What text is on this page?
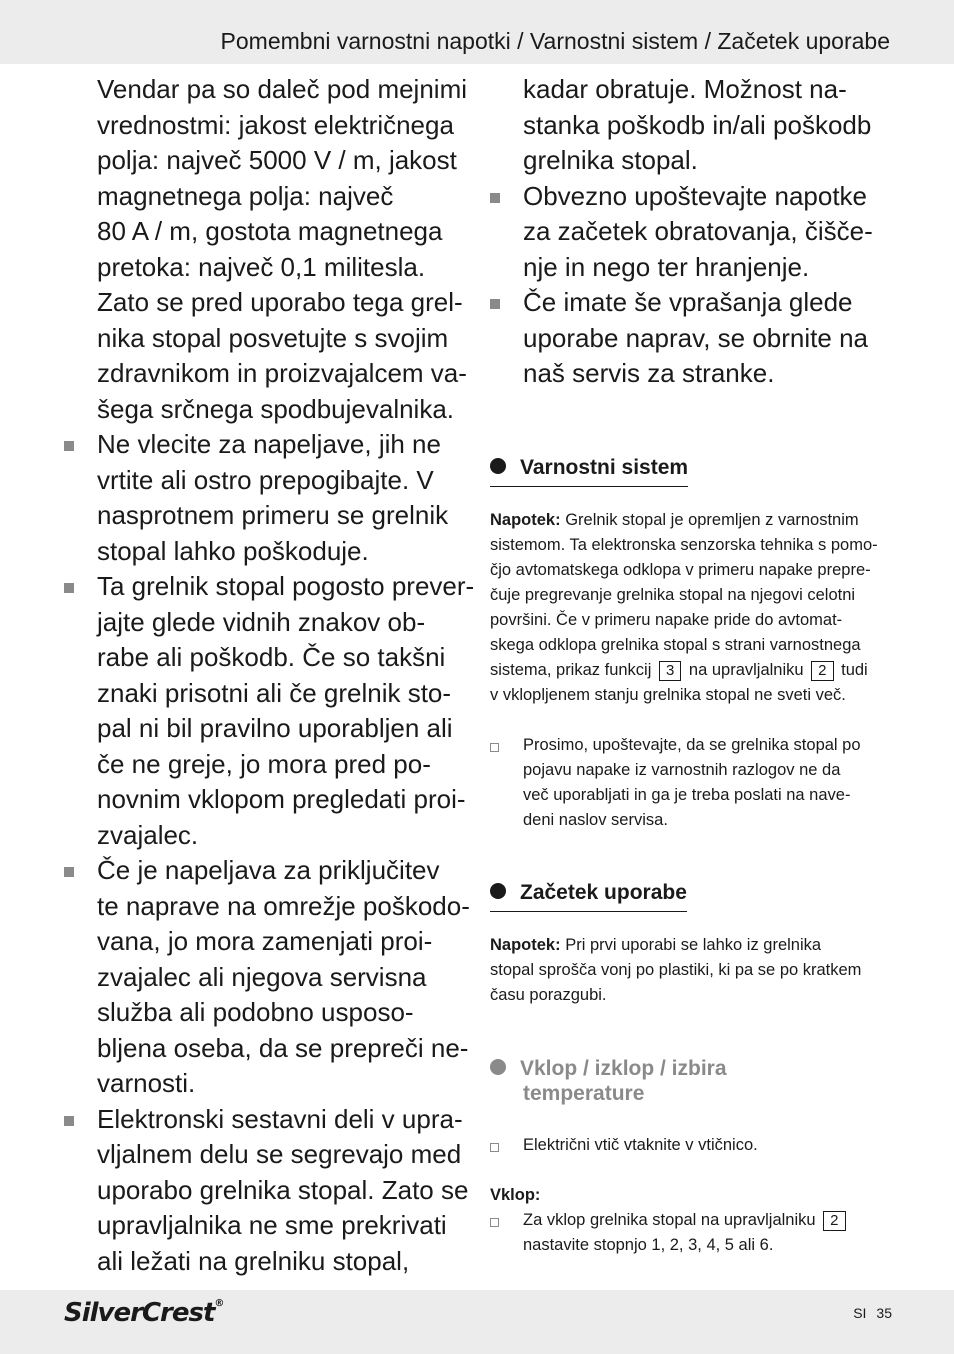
Pomembni varnostni napotki / Varnostni sistem / Začetek uporabe

Vendar pa so daleč pod mejnimi

vrednostmi: jakost električnega

polja: največ 5000 V / m, jakost

magnetnega polja: največ

80 A / m, gostota magnetnega

pretoka: največ 0,1 militesla.

Zato se pred uporabo tega grel-

nika stopal posvetujte s svojim

zdravnikom in proizvajalcem va-

šega srčnega spodbujevalnika.

Ne vlecite za napeljave, jih ne

vrtite ali ostro prepogibajte. V

nasprotnem primeru se grelnik

stopal lahko poškoduje.

Ta grelnik stopal pogosto prever-

jajte glede vidnih znakov ob-

rabe ali poškodb. Če so takšni

znaki prisotni ali če grelnik sto-

pal ni bil pravilno uporabljen ali

če ne greje, jo mora pred po-

novnim vklopom pregledati proi-

zvajalec.

Če je napeljava za priključitev

te naprave na omrežje poškodo-

vana, jo mora zamenjati proi-

zvajalec ali njegova servisna

služba ali podobno usposo-

bljena oseba, da se prepreči ne-

varnosti.

Elektronski sestavni deli v upra-

vljalnem delu se segrevajo med

uporabo grelnika stopal. Zato se

upravljalnika ne sme prekrivati

ali ležati na grelniku stopal,

kadar obratuje. Možnost na-

stanka poškodb in/ali poškodb

grelnika stopal.

Obvezno upoštevajte napotke

za začetek obratovanja, čišče-

nje in nego ter hranjenje.

Če imate še vprašanja glede

uporabe naprav, se obrnite na

naš servis za stranke.

Varnostni sistem

Napotek: Grelnik stopal je opremljen z varnostnim

sistemom. Ta elektronska senzorska tehnika s pomo-

čjo avtomatskega odklopa v primeru napake prepre-

čuje pregrevanje grelnika stopal na njegovi celotni

površini. Če v primeru napake pride do avtomat-

skega odklopa grelnika stopal s strani varnostnega

sistema, prikaz funkcij 3 na upravljalniku 2 tudi

v vklopljenem stanju grelnika stopal ne sveti več.

Prosimo, upoštevajte, da se grelnika stopal po

pojavu napake iz varnostnih razlogov ne da

več uporabljati in ga je treba poslati na nave-

deni naslov servisa.

Začetek uporabe

Napotek: Pri prvi uporabi se lahko iz grelnika

stopal sprošča vonj po plastiki, ki pa se po kratkem

času porazgubi.

Vklop / izklop / izbira
temperature

Električni vtič vtaknite v vtičnico.

Vklop:

Za vklop grelnika stopal na upravljalniku 2

nastavite stopnjo 1, 2, 3, 4, 5 ali 6.

SilverCrest®
SI 35
